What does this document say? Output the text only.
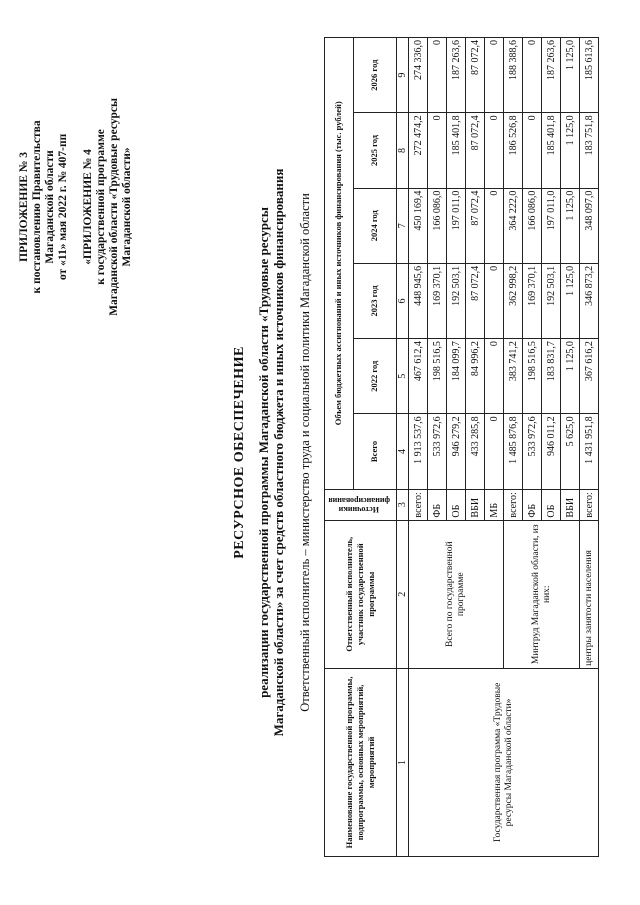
ПРИЛОЖЕНИЕ № 3 к постановлению Правительства Магаданской области от «11» мая 2022 г. № 407-пп «ПРИЛОЖЕНИЕ № 4 к государственной программе Магаданской области «Трудовые ресурсы Магаданской области»
РЕСУРСНОЕ ОБЕСПЕЧЕНИЕ реализации государственной программы Магаданской области «Трудовые ресурсы Магаданской области» за счет средств областного бюджета и иных источников финансирования Ответственный исполнитель – министерство труда и социальной политики Магаданской области
Наименование государственной программы, подпрограммы, основных мероприятий, мероприятий	Ответственный исполнитель, участник государственной программы	Источники финансирования	Объем бюджетных ассигнований и иных источников финансирования (тыс. рублей)					
			Всего	2022 год	2023 год	2024 год	2025 год	2026 год
1	2	3	4	5	6	7	8	9
Государственная программа «Трудовые ресурсы Магаданской области»	Всего по государственной программе	всего:	1 913 537,6	467 612,4	448 945,6	450 169,4	272 474,2	274 336,0
		ФБ	533 972,6	198 516,5	169 370,1	166 086,0	0	0
		ОБ	946 279,2	184 099,7	192 503,1	197 011,0	185 401,8	187 263,6
		ВБИ	433 285,8	84 996,2	87 072,4	87 072,4	87 072,4	87 072,4
		МБ	0	0	0	0	0	0
	Минтруд Магаданской области, из них:	всего:	1 485 876,8	383 741,2	362 998,2	364 222,0	186 526,8	188 388,6
		ФБ	533 972,6	198 516,5	169 370,1	166 086,0	0	0
		ОБ	946 011,2	183 831,7	192 503,1	197 011,0	185 401,8	187 263,6
		ВБИ	5 625,0	1 125,0	1 125,0	1 125,0	1 125,0	1 125,0
	центры занятости населения	всего:	1 431 951,8	367 616,2	346 873,2	348 097,0	183 751,8	185 613,6
